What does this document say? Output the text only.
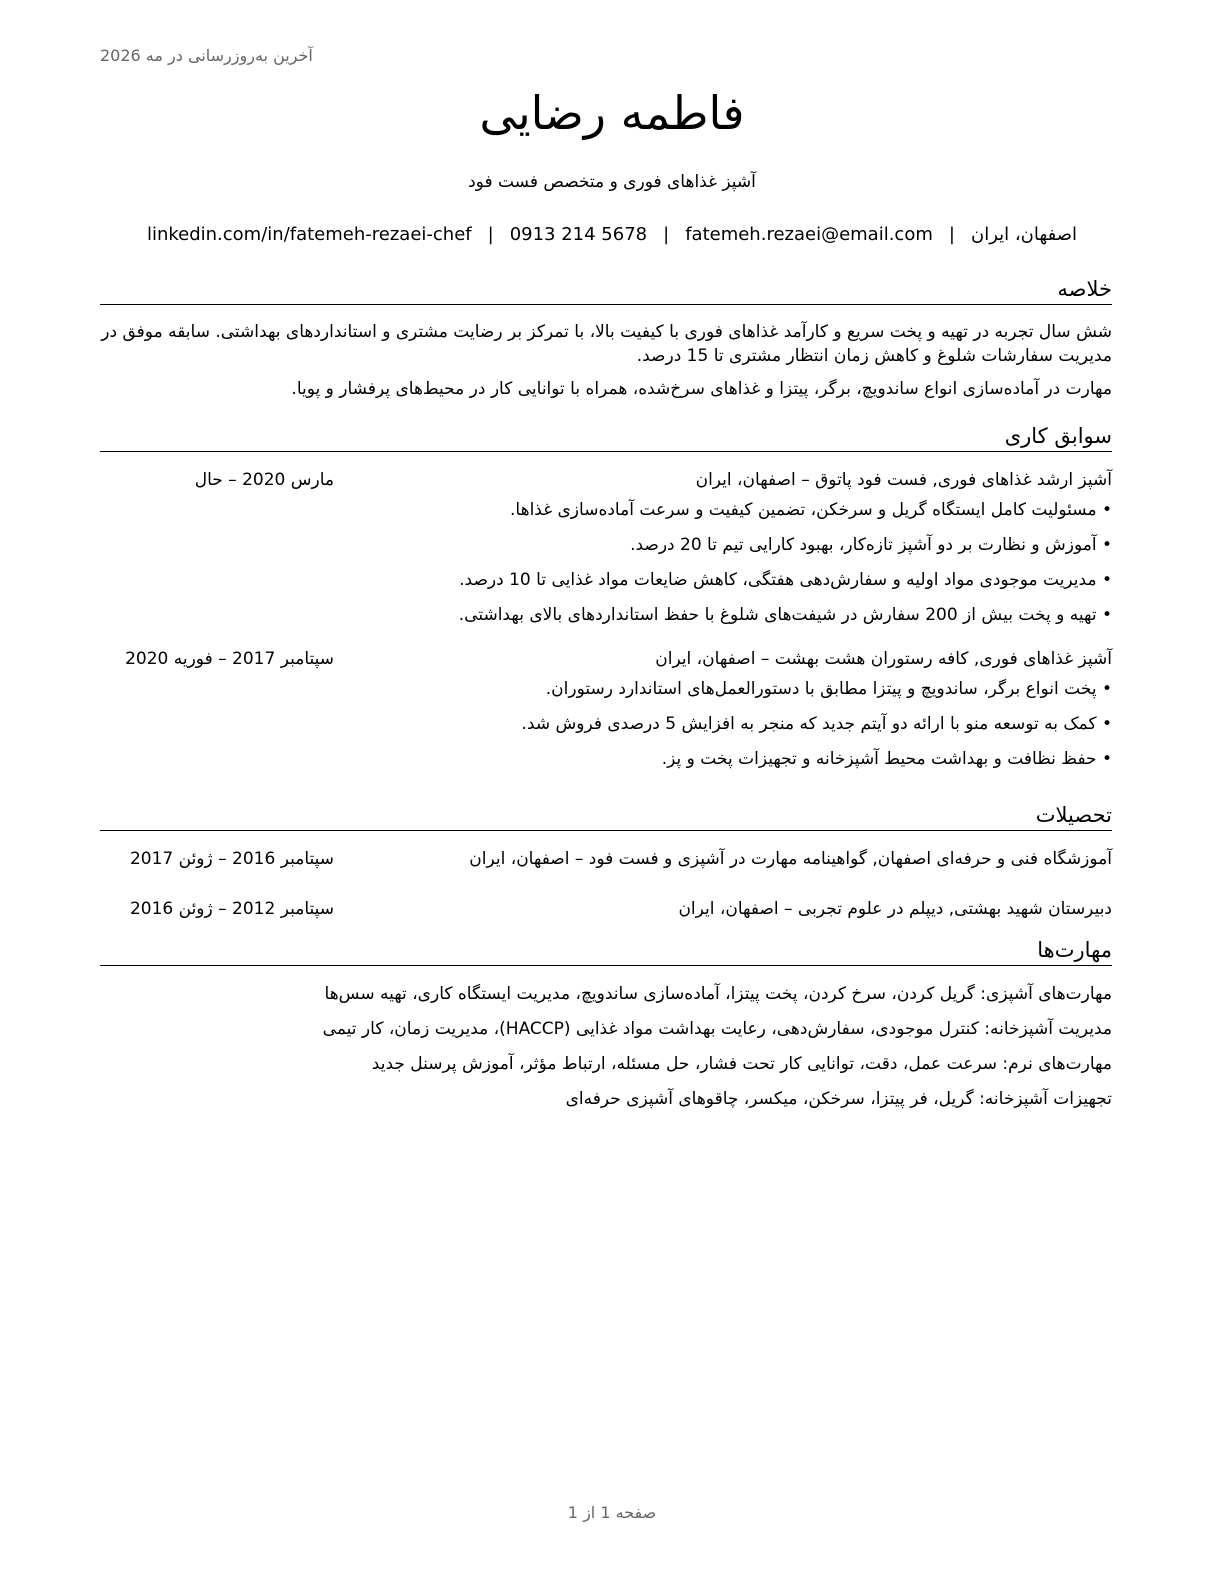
آخرین به‌روزرسانی در مه 2026
فاطمه رضایی
آشپز غذاهای فوری و متخصص فست فود
اصفهان، ایران
|
fatemeh.rezaei@email.com
|
0913 214 5678
|
linkedin.com/in/fatemeh-rezaei-chef
خلاصه
شش سال تجربه در تهیه و پخت سریع و کارآمد غذاهای فوری با کیفیت بالا، با تمرکز بر رضایت مشتری و استانداردهای بهداشتی. سابقه موفق در مدیریت سفارشات شلوغ و کاهش زمان انتظار مشتری تا 15 درصد.
مهارت در آماده‌سازی انواع ساندویچ، برگر، پیتزا و غذاهای سرخ‌شده، همراه با توانایی کار در محیط‌های پرفشار و پویا.
سوابق کاری
آشپز ارشد غذاهای فوری, فست فود پاتوق – اصفهان، ایران
مارس 2020 – حال
• مسئولیت کامل ایستگاه گریل و سرخکن، تضمین کیفیت و سرعت آماده‌سازی غذاها.
• آموزش و نظارت بر دو آشپز تازه‌کار، بهبود کارایی تیم تا 20 درصد.
• مدیریت موجودی مواد اولیه و سفارش‌دهی هفتگی، کاهش ضایعات مواد غذایی تا 10 درصد.
• تهیه و پخت بیش از 200 سفارش در شیفت‌های شلوغ با حفظ استانداردهای بالای بهداشتی.
آشپز غذاهای فوری, کافه رستوران هشت بهشت – اصفهان، ایران
سپتامبر 2017 – فوریه 2020
• پخت انواع برگر، ساندویچ و پیتزا مطابق با دستورالعمل‌های استاندارد رستوران.
• کمک به توسعه منو با ارائه دو آیتم جدید که منجر به افزایش 5 درصدی فروش شد.
• حفظ نظافت و بهداشت محیط آشپزخانه و تجهیزات پخت و پز.
تحصیلات
آموزشگاه فنی و حرفه‌ای اصفهان, گواهینامه مهارت در آشپزی و فست فود – اصفهان، ایران
سپتامبر 2016 – ژوئن 2017
دبیرستان شهید بهشتی, دیپلم در علوم تجربی – اصفهان، ایران
سپتامبر 2012 – ژوئن 2016
مهارت‌ها
مهارت‌های آشپزی: گریل کردن، سرخ کردن، پخت پیتزا، آماده‌سازی ساندویچ، مدیریت ایستگاه کاری، تهیه سس‌ها
مدیریت آشپزخانه: کنترل موجودی، سفارش‌دهی، رعایت بهداشت مواد غذایی (HACCP)، مدیریت زمان، کار تیمی
مهارت‌های نرم: سرعت عمل، دقت، توانایی کار تحت فشار، حل مسئله، ارتباط مؤثر، آموزش پرسنل جدید
تجهیزات آشپزخانه: گریل، فر پیتزا، سرخکن، میکسر، چاقوهای آشپزی حرفه‌ای
صفحه 1 از 1
